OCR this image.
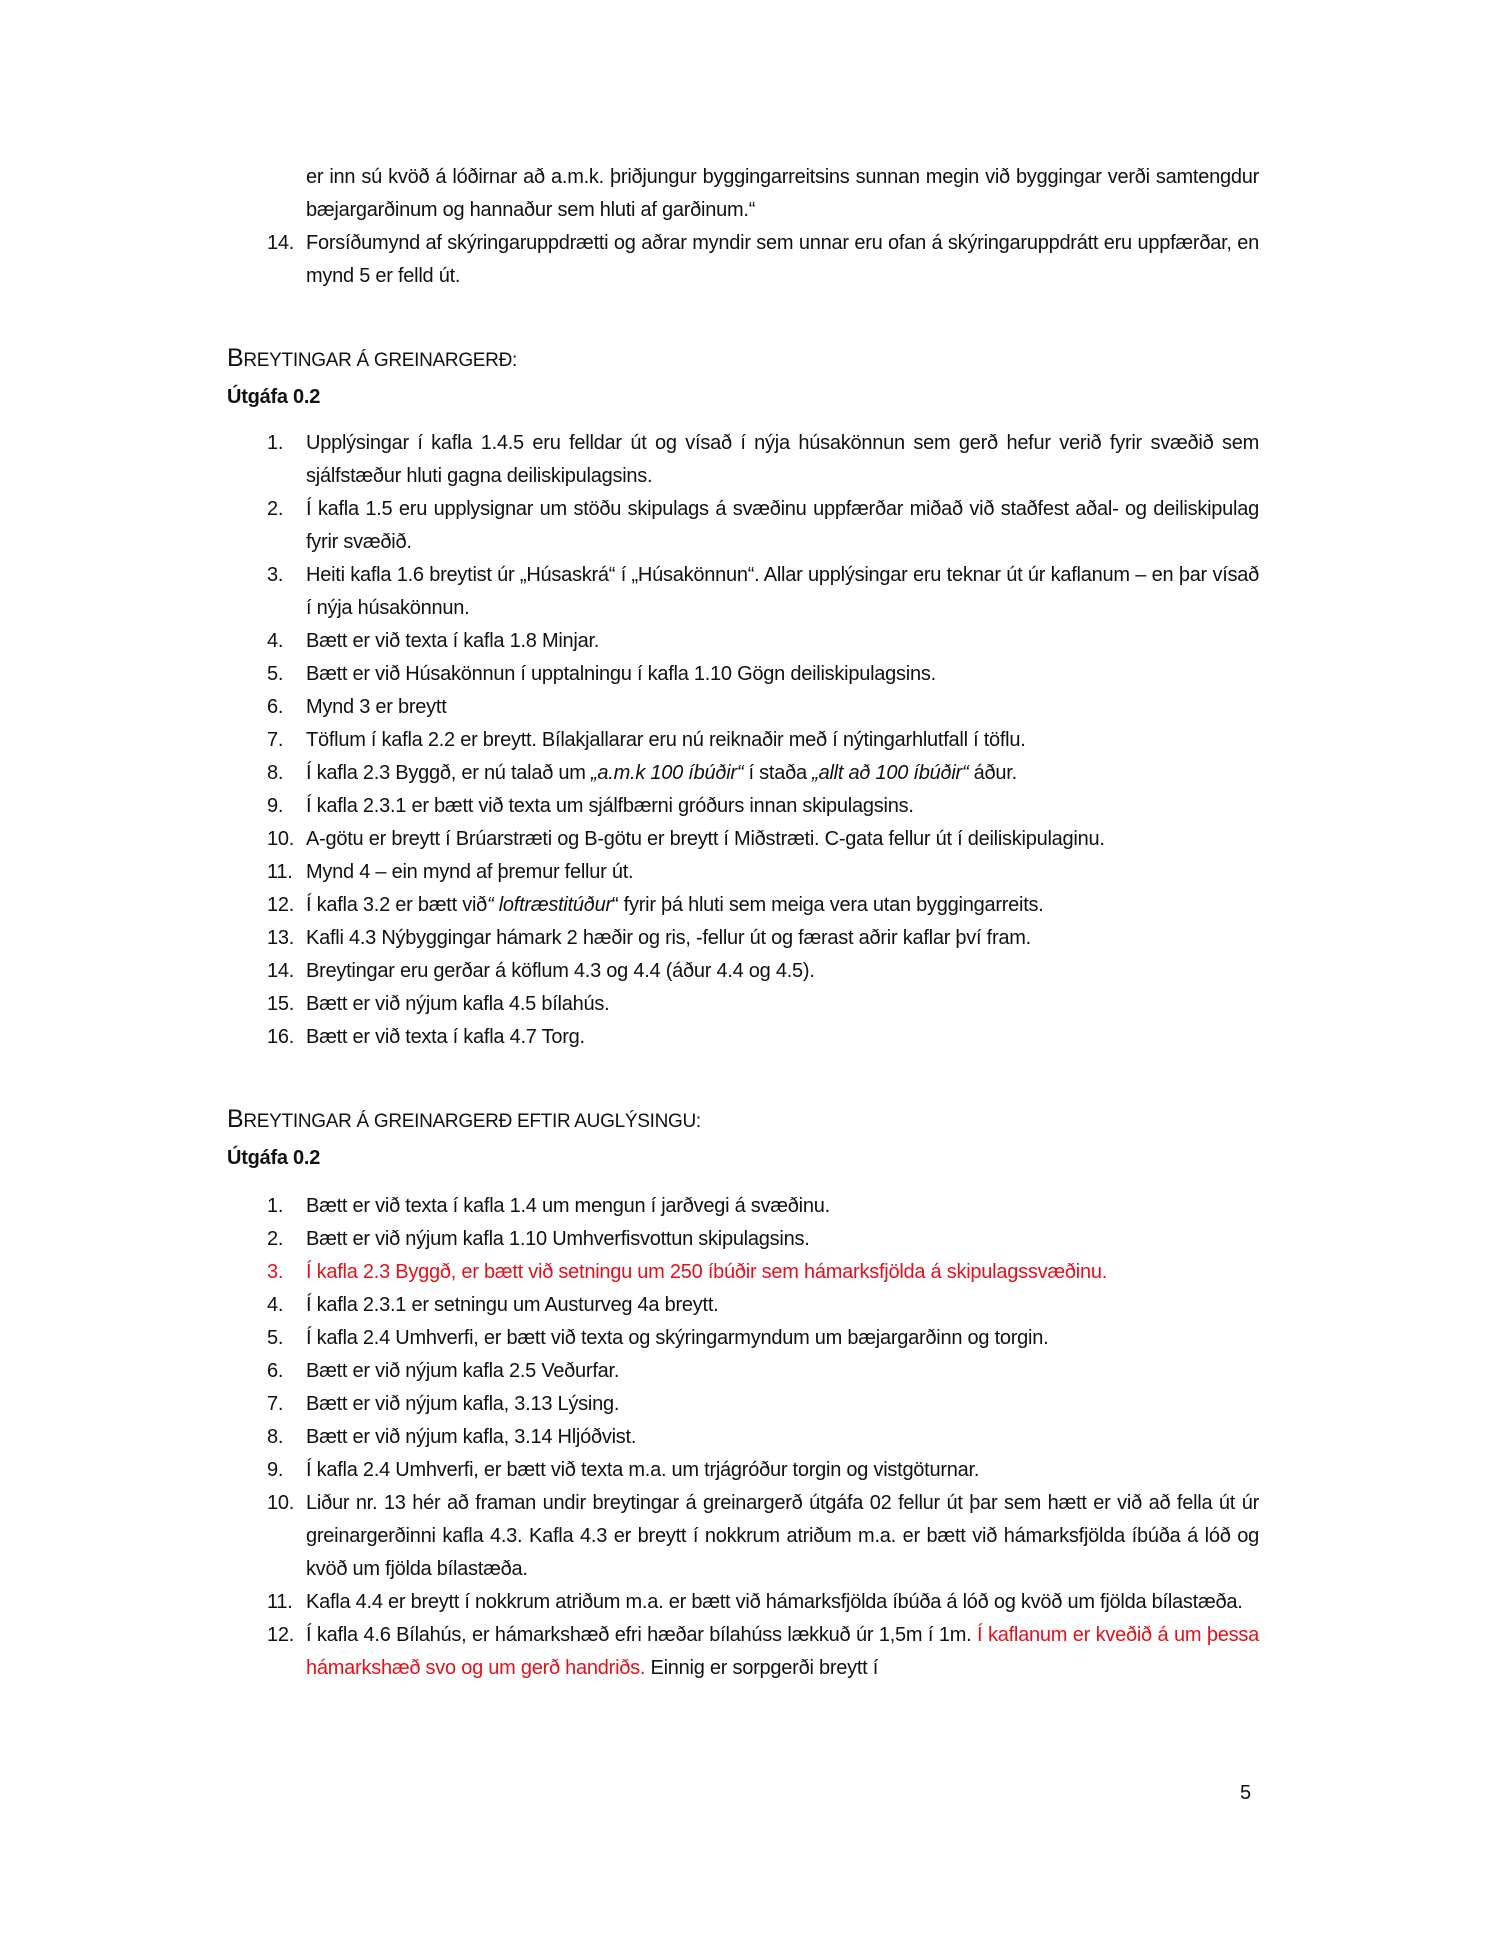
er inn sú kvöð á lóðirnar að a.m.k. þriðjungur byggingarreitsins sunnan megin við byggingar verði samtengdur bæjargarðinum og hannaður sem hluti af garðinum.“
14. Forsíðumynd af skýringaruppdrætti og aðrar myndir sem unnar eru ofan á skýringaruppdrátt eru uppfærðar, en mynd 5 er felld út.
BREYTINGAR Á GREINARGERÐ:
Útgáfa 0.2
1.	Upplýsingar í kafla 1.4.5 eru felldar út og vísað í nýja húsakönnun sem gerð hefur verið fyrir svæðið sem sjálfstæður hluti gagna deiliskipulagsins.
2.	Í kafla 1.5 eru upplysignar um stöðu skipulags á svæðinu uppfærðar miðað við staðfest aðal- og deiliskipulag fyrir svæðið.
3.	Heiti kafla 1.6 breytist úr „Húsaskrá“ í „Húsakönnun“. Allar upplýsingar eru teknar út úr kaflanum – en þar vísað í nýja húsakönnun.
4.	Bætt er við texta í kafla 1.8 Minjar.
5.	Bætt er við Húsakönnun í upptalningu í kafla 1.10 Gögn deiliskipulagsins.
6.	Mynd 3 er breytt
7.	Töflum í kafla 2.2 er breytt. Bílakjallarar eru nú reiknaðir með í nýtingarhlutfall í töflu.
8.	Í kafla 2.3 Byggð, er nú talað um „a.m.k 100 íbúðir“ í staða „allt að 100 íbúðir“ áður.
9.	Í kafla 2.3.1 er bætt við texta um sjálfbærni gróðurs innan skipulagsins.
10. A-götu er breytt í Brúarstræti og B-götu er breytt í Miðstræti. C-gata fellur út í deiliskipulaginu.
11. Mynd 4 – ein mynd af þremur fellur út.
12. Í kafla 3.2 er bætt við“ loftræstitúður“ fyrir þá hluti sem meiga vera utan byggingarreits.
13. Kafli 4.3 Nýbyggingar hámark 2 hæðir og ris, -fellur út og færast aðrir kaflar því fram.
14. Breytingar eru gerðar á köflum 4.3 og 4.4 (áður 4.4 og 4.5).
15. Bætt er við nýjum kafla 4.5 bílahús.
16. Bætt er við texta í kafla 4.7 Torg.
BREYTINGAR Á GREINARGERÐ EFTIR AUGLÝSINGU:
Útgáfa 0.2
1.	Bætt er við texta í kafla 1.4 um mengun í jarðvegi á svæðinu.
2.	Bætt er við nýjum kafla 1.10 Umhverfisvottun skipulagsins.
3.	Í kafla 2.3 Byggð, er bætt við setningu um 250 íbúðir sem hámarksfjölda á skipulagssvæðinu.
4.	Í kafla 2.3.1 er setningu um Austurveg 4a breytt.
5.	Í kafla 2.4 Umhverfi, er bætt við texta og skýringarmyndum um bæjargarðinn og torgin.
6.	Bætt er við nýjum kafla 2.5 Veðurfar.
7.	Bætt er við nýjum kafla, 3.13 Lýsing.
8.	Bætt er við nýjum kafla, 3.14 Hljóðvist.
9.	Í kafla 2.4 Umhverfi, er bætt við texta m.a. um trjágróður torgin og vistgöturnar.
10. Liður nr. 13 hér að framan undir breytingar á greinargerð útgáfa 02 fellur út þar sem hætt er við að fella út úr greinargerðinni kafla 4.3. Kafla 4.3 er breytt í nokkrum atriðum m.a. er bætt við hámarksfjölda íbúða á lóð og kvöð um fjölda bílastæða.
11. Kafla 4.4 er breytt í nokkrum atriðum m.a. er bætt við hámarksfjölda íbúða á lóð og kvöð um fjölda bílastæða.
12. Í kafla 4.6 Bílahús, er hámarkshæð efri hæðar bílahúss lækkuð úr 1,5m í 1m. Í kaflanum er kveðið á um þessa hámarkshæð svo og um gerð handriðs. Einnig er sorpgerði breytt í
5
